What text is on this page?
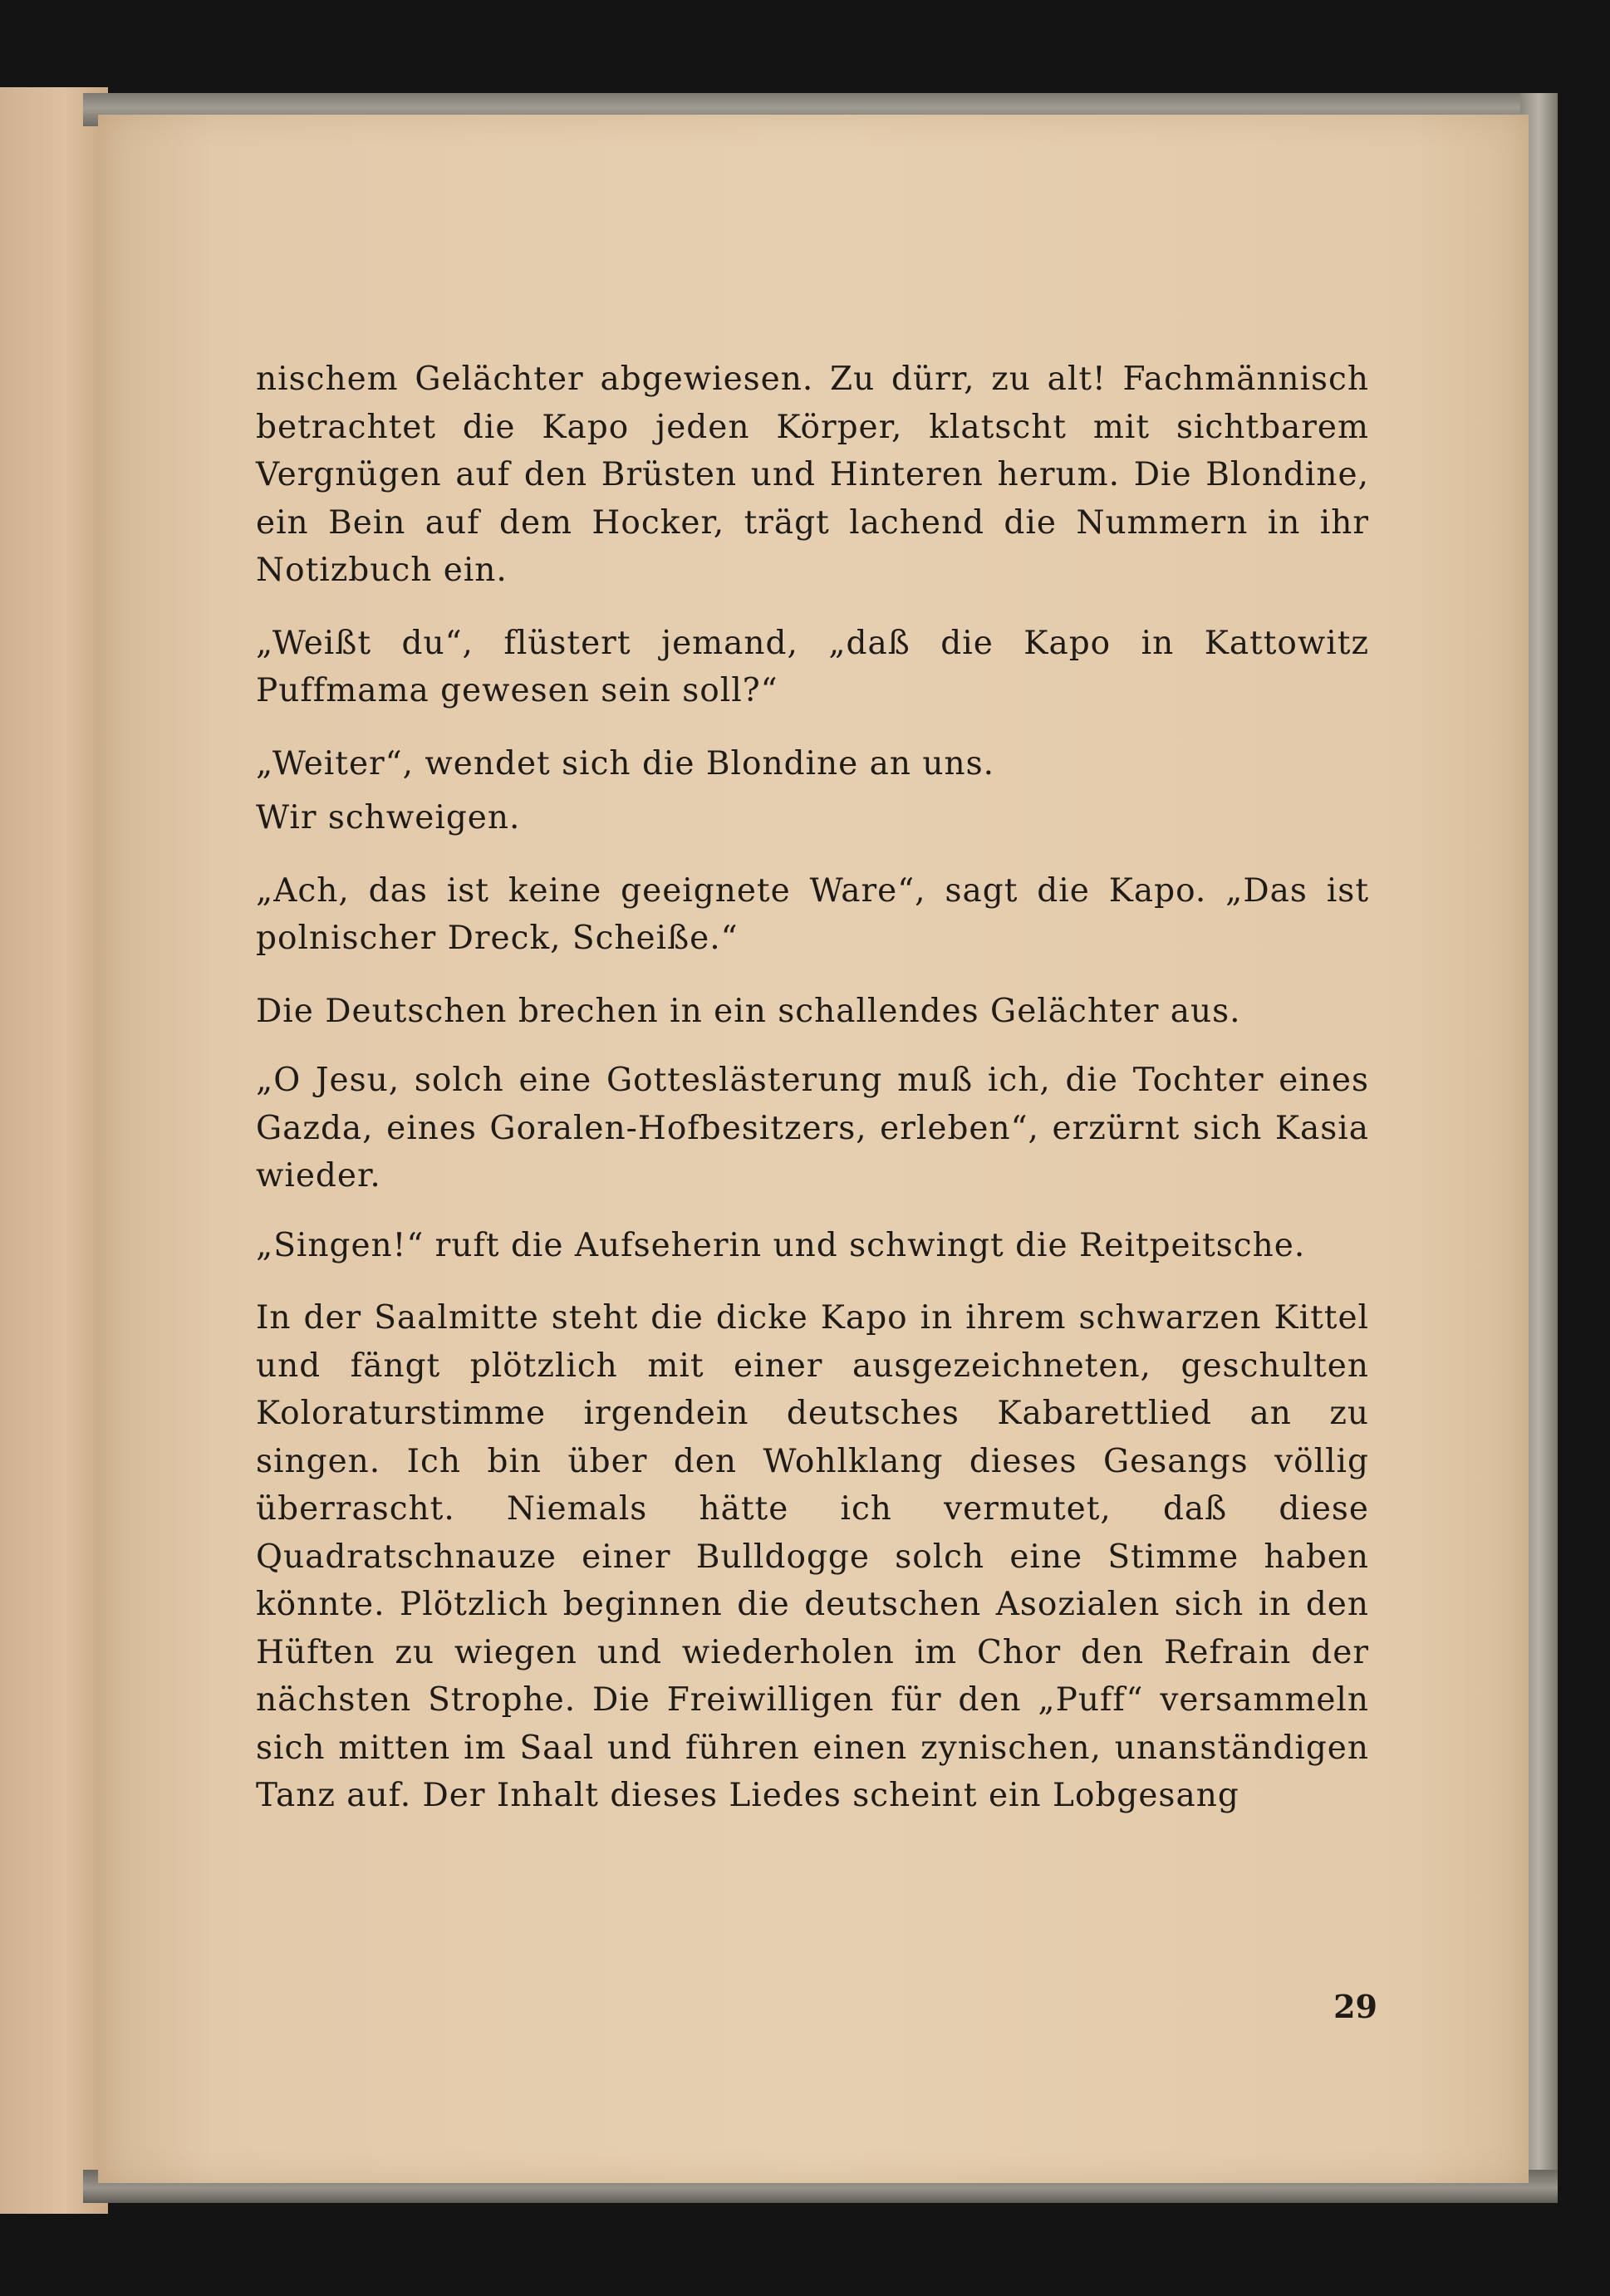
nischem Gelächter abgewiesen. Zu dürr, zu alt! Fachmännisch betrachtet die Kapo jeden Körper, klatscht mit sichtbarem Vergnügen auf den Brüsten und Hinteren herum. Die Blondine, ein Bein auf dem Hocker, trägt lachend die Nummern in ihr Notizbuch ein.

„Weißt du“, flüstert jemand, „daß die Kapo in Kattowitz Puffmama gewesen sein soll?“

„Weiter“, wendet sich die Blondine an uns.

Wir schweigen.

„Ach, das ist keine geeignete Ware“, sagt die Kapo. „Das ist polnischer Dreck, Scheiße.“

Die Deutschen brechen in ein schallendes Gelächter aus.

„O Jesu, solch eine Gotteslästerung muß ich, die Tochter eines Gazda, eines Goralen-Hofbesitzers, erleben“, erzürnt sich Kasia wieder.

„Singen!“ ruft die Aufseherin und schwingt die Reitpeitsche.

In der Saalmitte steht die dicke Kapo in ihrem schwarzen Kittel und fängt plötzlich mit einer ausgezeichneten, geschulten Koloraturstimme irgendein deutsches Kabarettlied an zu singen. Ich bin über den Wohlklang dieses Gesangs völlig überrascht. Niemals hätte ich vermutet, daß diese Quadratschnauze einer Bulldogge solch eine Stimme haben könnte. Plötzlich beginnen die deutschen Asozialen sich in den Hüften zu wiegen und wiederholen im Chor den Refrain der nächsten Strophe. Die Freiwilligen für den „Puff“ versammeln sich mitten im Saal und führen einen zynischen, unanständigen Tanz auf. Der Inhalt dieses Liedes scheint ein Lobgesang

29
